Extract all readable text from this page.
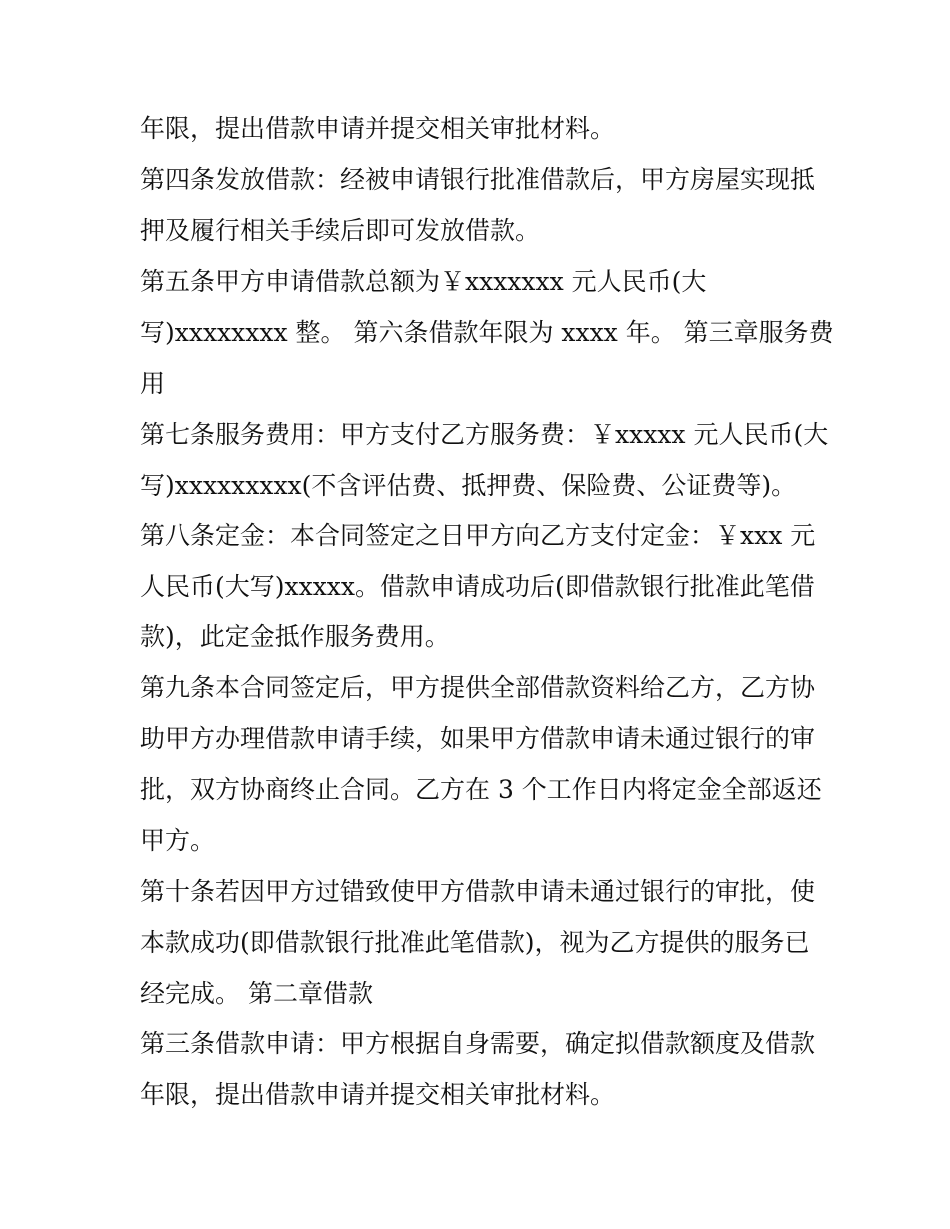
年限，提出借款申请并提交相关审批材料。
第四条发放借款：经被申请银行批准借款后，甲方房屋实现抵
押及履行相关手续后即可发放借款。
第五条甲方申请借款总额为￥xxxxxxx 元人民币(大
写)xxxxxxxx 整。 第六条借款年限为 xxxx 年。 第三章服务费
用
第七条服务费用：甲方支付乙方服务费：￥xxxxx 元人民币(大
写)xxxxxxxxx(不含评估费、抵押费、保险费、公证费等)。
第八条定金：本合同签定之日甲方向乙方支付定金：￥xxx 元
人民币(大写)xxxxx。借款申请成功后(即借款银行批准此笔借
款)，此定金抵作服务费用。
第九条本合同签定后，甲方提供全部借款资料给乙方，乙方协
助甲方办理借款申请手续，如果甲方借款申请未通过银行的审
批，双方协商终止合同。乙方在 3 个工作日内将定金全部返还
甲方。
第十条若因甲方过错致使甲方借款申请未通过银行的审批，使
本款成功(即借款银行批准此笔借款)，视为乙方提供的服务已
经完成。 第二章借款
第三条借款申请：甲方根据自身需要，确定拟借款额度及借款
年限，提出借款申请并提交相关审批材料。
